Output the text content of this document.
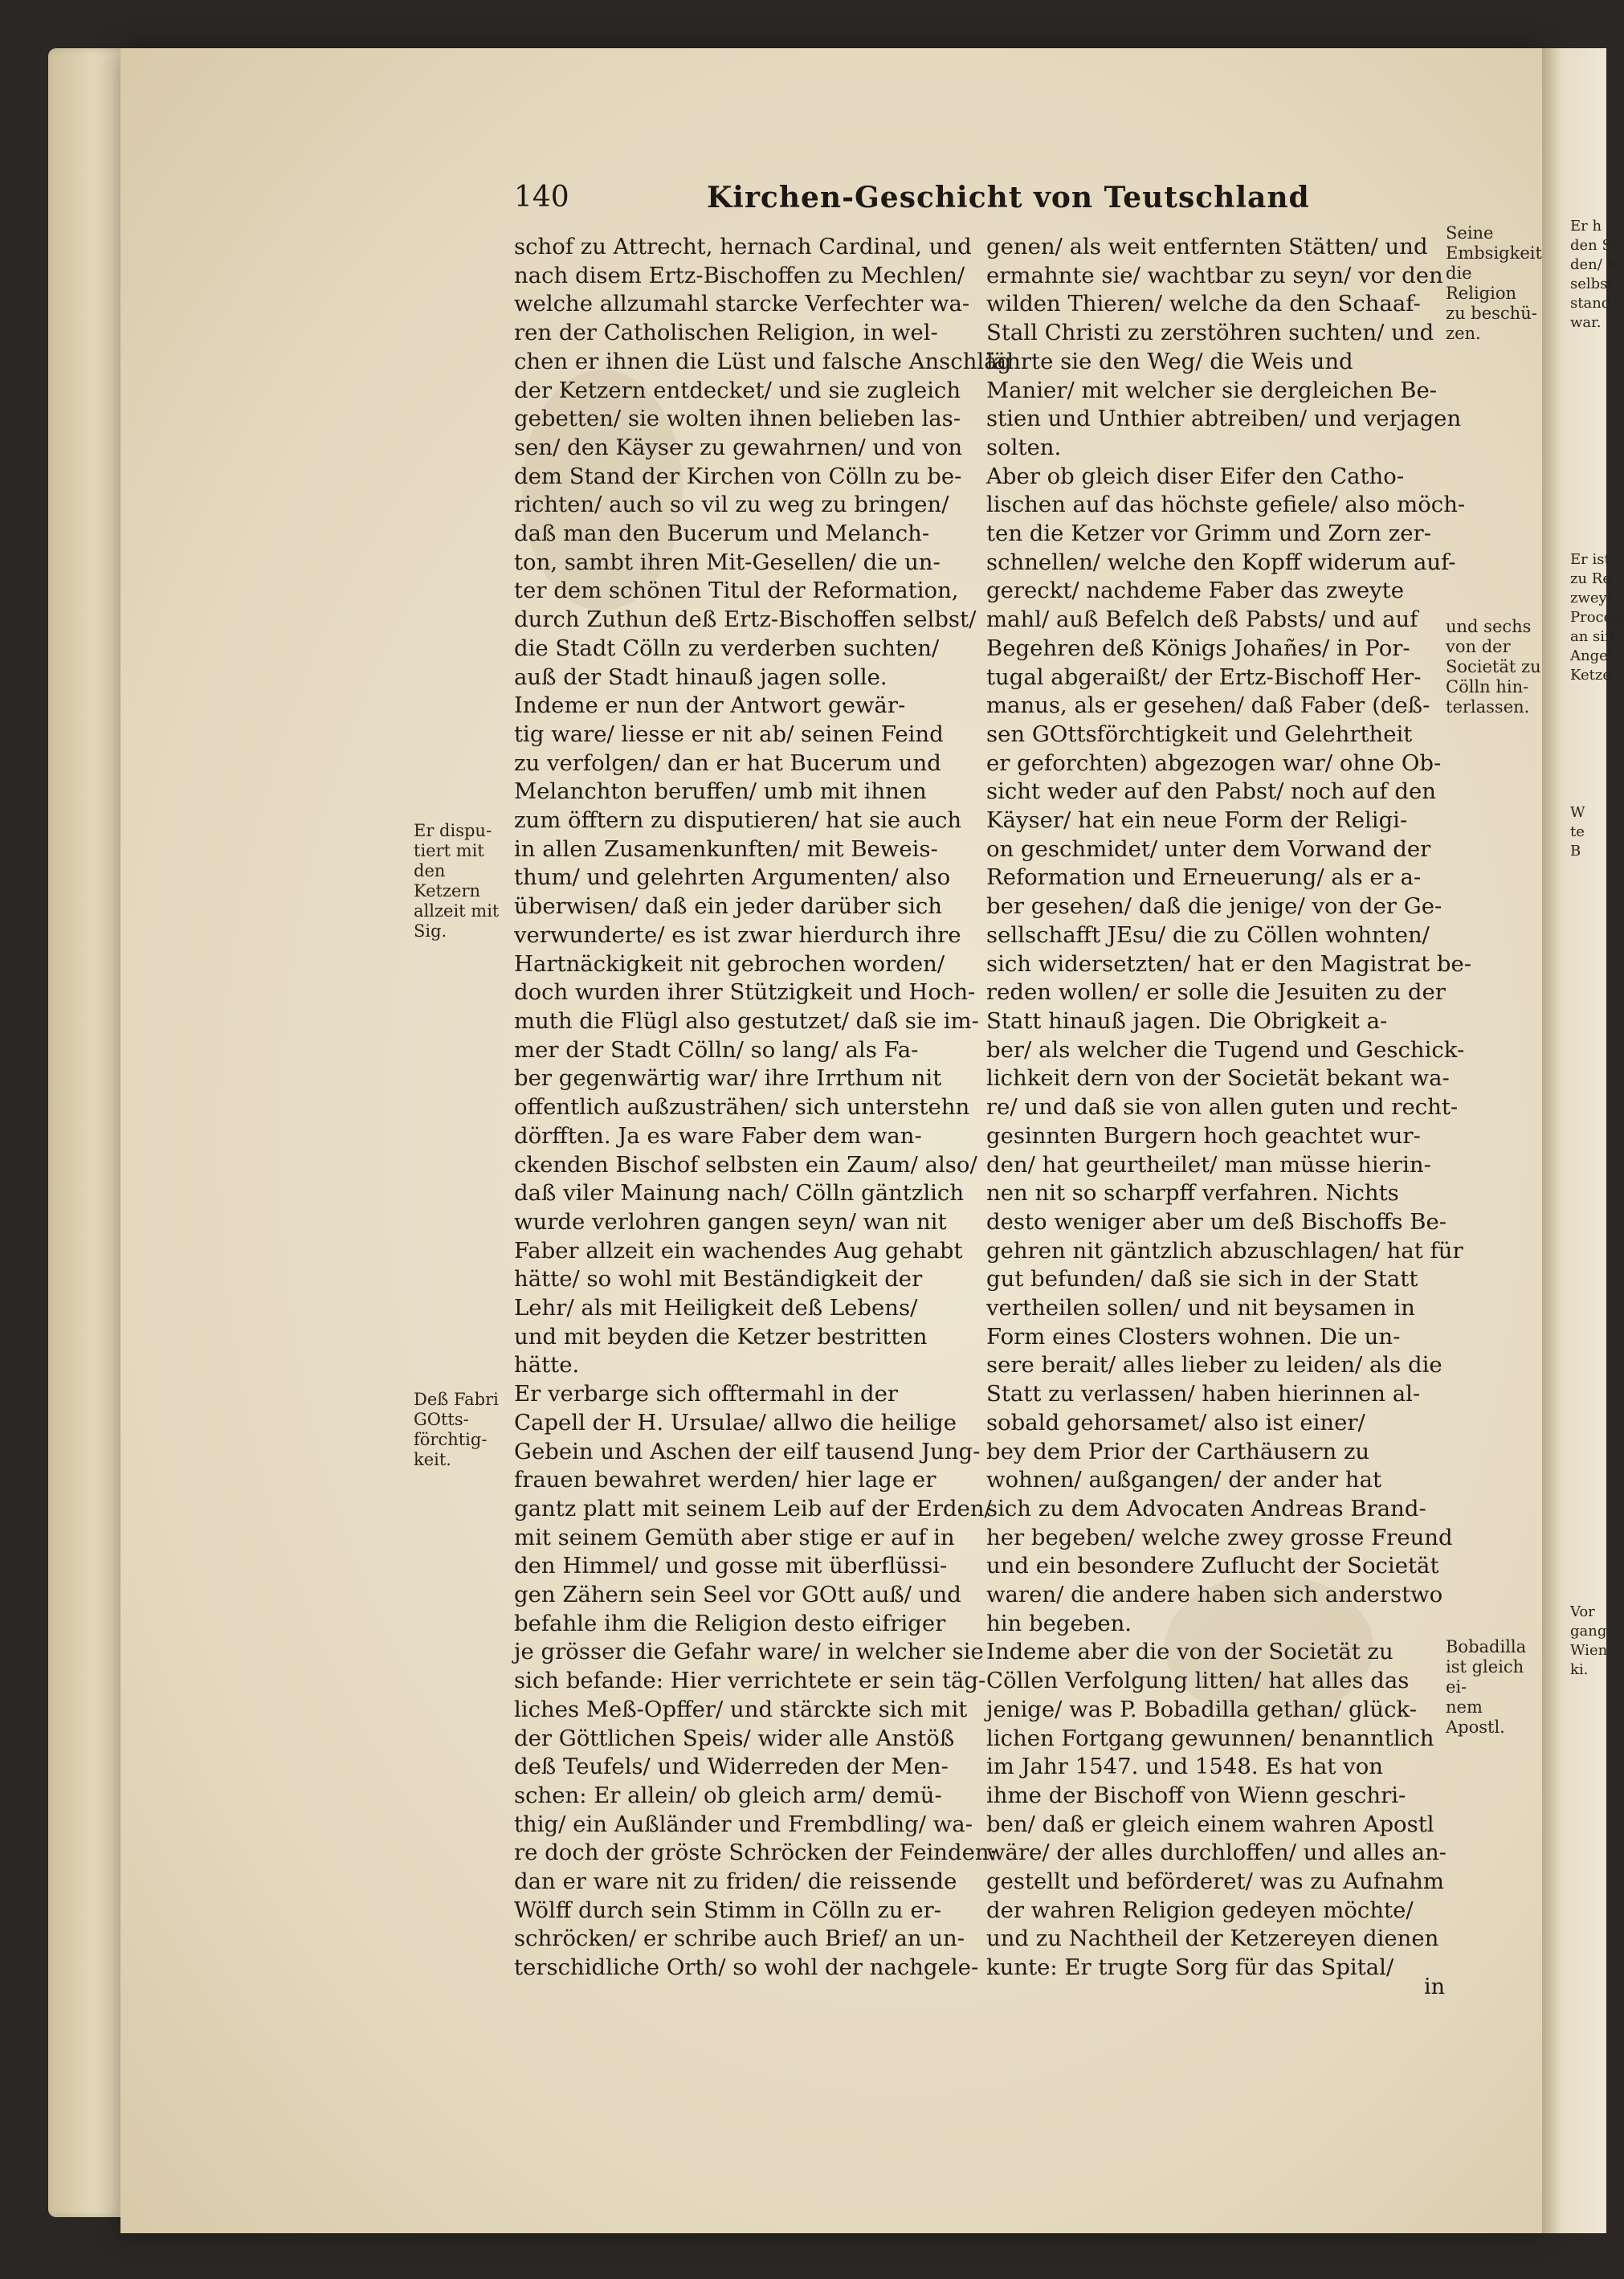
140	Kirchen-Geschicht von Teutschland
schof zu Attrecht, hernach Cardinal, und
nach disem Ertz-Bischoffen zu Mechlen/
welche allzumahl starcke Verfechter wa-
ren der Catholischen Religion, in wel-
chen er ihnen die Lüst und falsche Anschläg
der Ketzern entdecket/ und sie zugleich
gebetten/ sie wolten ihnen belieben las-
sen/ den Käyser zu gewahrnen/ und von
dem Stand der Kirchen von Cölln zu be-
richten/ auch so vil zu weg zu bringen/
daß man den Bucerum und Melanch-
ton, sambt ihren Mit-Gesellen/ die un-
ter dem schönen Titul der Reformation,
durch Zuthun deß Ertz-Bischoffen selbst/
die Stadt Cölln zu verderben suchten/
auß der Stadt hinauß jagen solle.
Indeme er nun der Antwort gewär-
tig ware/ liesse er nit ab/ seinen Feind
zu verfolgen/ dan er hat Bucerum und
Melanchton beruffen/ umb mit ihnen
zum öfftern zu disputieren/ hat sie auch
in allen Zusamenkunften/ mit Beweis-
thum/ und gelehrten Argumenten/ also
überwisen/ daß ein jeder darüber sich
verwunderte/ es ist zwar hierdurch ihre
Hartnäckigkeit nit gebrochen worden/
doch wurden ihrer Stützigkeit und Hoch-
muth die Flügl also gestutzet/ daß sie im-
mer der Stadt Cölln/ so lang/ als Fa-
ber gegenwärtig war/ ihre Irrthum nit
offentlich außzusträhen/ sich unterstehn
dörfften. Ja es ware Faber dem wan-
ckenden Bischof selbsten ein Zaum/ also/
daß viler Mainung nach/ Cölln gäntzlich
wurde verlohren gangen seyn/ wan nit
Faber allzeit ein wachendes Aug gehabt
hätte/ so wohl mit Beständigkeit der
Lehr/ als mit Heiligkeit deß Lebens/
und mit beyden die Ketzer bestritten
hätte.
Er verbarge sich offtermahl in der
Capell der H. Ursulae/ allwo die heilige
Gebein und Aschen der eilf tausend Jung-
frauen bewahret werden/ hier lage er
gantz platt mit seinem Leib auf der Erden/
mit seinem Gemüth aber stige er auf in
den Himmel/ und gosse mit überflüssi-
gen Zähern sein Seel vor GOtt auß/ und
befahle ihm die Religion desto eifriger
je grösser die Gefahr ware/ in welcher sie
sich befande: Hier verrichtete er sein täg-
liches Meß-Opffer/ und stärckte sich mit
der Göttlichen Speis/ wider alle Anstöß
deß Teufels/ und Widerreden der Men-
schen: Er allein/ ob gleich arm/ demü-
thig/ ein Außländer und Frembdling/ wa-
re doch der gröste Schröcken der Feinden:
dan er ware nit zu friden/ die reissende
Wölff durch sein Stimm in Cölln zu er-
schröcken/ er schribe auch Brief/ an un-
terschidliche Orth/ so wohl der nachgele-
genen/ als weit entfernten Stätten/ und
ermahnte sie/ wachtbar zu seyn/ vor den
wilden Thieren/ welche da den Schaaf-
Stall Christi zu zerstöhren suchten/ und
lährte sie den Weg/ die Weis und
Manier/ mit welcher sie dergleichen Be-
stien und Unthier abtreiben/ und verjagen
solten.
Aber ob gleich diser Eifer den Catho-
lischen auf das höchste gefiele/ also möch-
ten die Ketzer vor Grimm und Zorn zer-
schnellen/ welche den Kopff widerum auf-
gereckt/ nachdeme Faber das zweyte
mahl/ auß Befelch deß Pabsts/ und auf
Begehren deß Königs Johañes/ in Por-
tugal abgeraißt/ der Ertz-Bischoff Her-
manus, als er gesehen/ daß Faber (deß-
sen GOttsförchtigkeit und Gelehrtheit
er geforchten) abgezogen war/ ohne Ob-
sicht weder auf den Pabst/ noch auf den
Käyser/ hat ein neue Form der Religi-
on geschmidet/ unter dem Vorwand der
Reformation und Erneuerung/ als er a-
ber gesehen/ daß die jenige/ von der Ge-
sellschafft JEsu/ die zu Cöllen wohnten/
sich widersetzten/ hat er den Magistrat be-
reden wollen/ er solle die Jesuiten zu der
Statt hinauß jagen. Die Obrigkeit a-
ber/ als welcher die Tugend und Geschick-
lichkeit dern von der Societät bekant wa-
re/ und daß sie von allen guten und recht-
gesinnten Burgern hoch geachtet wur-
den/ hat geurtheilet/ man müsse hierin-
nen nit so scharpff verfahren. Nichts
desto weniger aber um deß Bischoffs Be-
gehren nit gäntzlich abzuschlagen/ hat für
gut befunden/ daß sie sich in der Statt
vertheilen sollen/ und nit beysamen in
Form eines Closters wohnen. Die un-
sere berait/ alles lieber zu leiden/ als die
Statt zu verlassen/ haben hierinnen al-
sobald gehorsamet/ also ist einer/
bey dem Prior der Carthäusern zu
wohnen/ außgangen/ der ander hat
sich zu dem Advocaten Andreas Brand-
her begeben/ welche zwey grosse Freund
und ein besondere Zuflucht der Societät
waren/ die andere haben sich anderstwo
hin begeben.
Indeme aber die von der Societät zu
Cöllen Verfolgung litten/ hat alles das
jenige/ was P. Bobadilla gethan/ glück-
lichen Fortgang gewunnen/ benanntlich
im Jahr 1547. und 1548. Es hat von
ihme der Bischoff von Wienn geschri-
ben/ daß er gleich einem wahren Apostl
wäre/ der alles durchloffen/ und alles an-
gestellt und beförderet/ was zu Aufnahm
der wahren Religion gedeyen möchte/
und zu Nachtheil der Ketzereyen dienen
kunte: Er trugte Sorg für das Spital/
Er dispu-
tiert mit
den Ketzern
allzeit mit
Sig.
Deß Fabri
GOtts-
förchtig-
keit.
Seine
Embsigkeit
die Religion
zu beschü-
zen.
und sechs
von der
Societät zu
Cölln hin-
terlassen.
Bobadilla
ist gleich ei-
nem Apostl.
Er h
den St
den/ h
selbst
stand
war.
Er ist
zu Re
zweyt
Procesi
an sin
Angel
Ketze
W
te
B
Vor
gang
Wien
ki.
in
